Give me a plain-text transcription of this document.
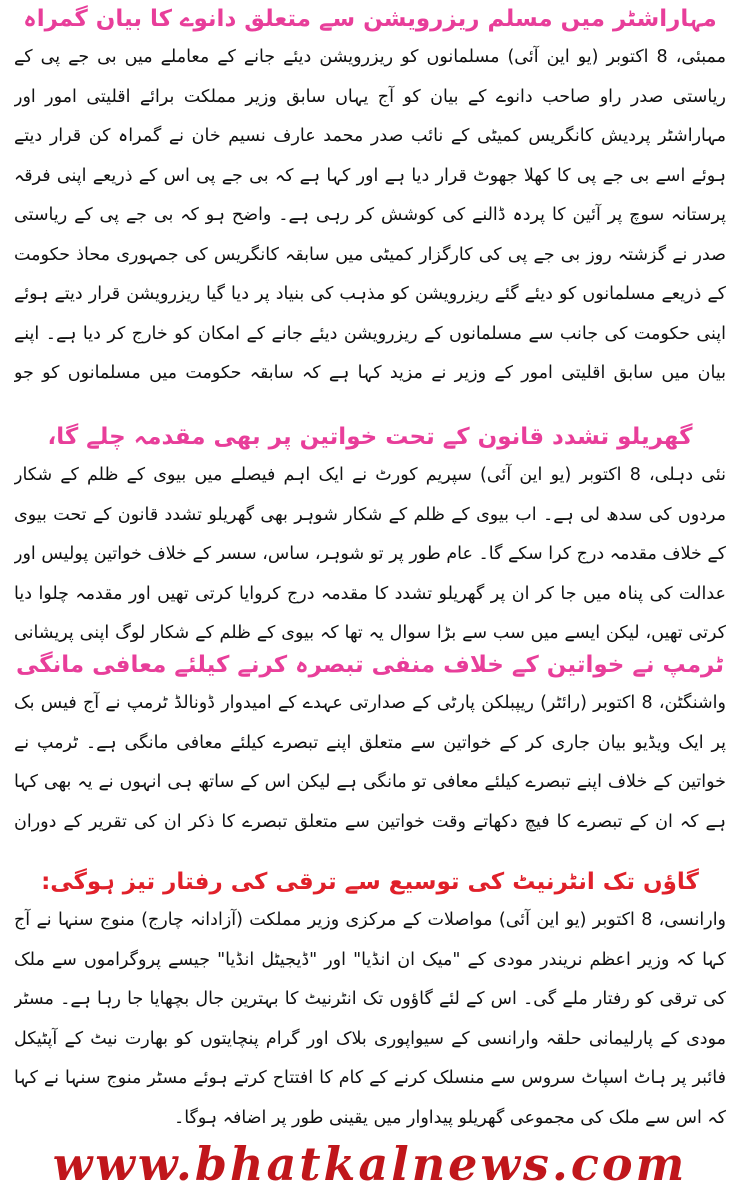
مہاراشٹر میں مسلم ریزرویشن سے متعلق دانوے کا بیان گمراہ

ممبئی، 8 اکتوبر (یو این آئی) مسلمانوں کو ریزرویشن دیئے جانے کے معاملے میں بی جے پی کے ریاستی صدر راو صاحب دانوے کے بیان کو آج یہاں سابق وزیر مملکت برائے اقلیتی امور اور مہاراشٹر پردیش کانگریس کمیٹی کے نائب صدر محمد عارف نسیم خان نے گمراہ کن قرار دیتے ہوئے اسے بی جے پی کا کھلا جھوٹ قرار دیا ہے اور کہا ہے کہ بی جے پی اس کے ذریعے اپنی فرقہ پرستانہ سوچ پر آئین کا پردہ ڈالنے کی کوشش کر رہی ہے۔ واضح ہو کہ بی جے پی کے ریاستی صدر نے گزشتہ روز بی جے پی کی کارگزار کمیٹی میں سابقہ کانگریس کی جمہوری محاذ حکومت کے ذریعے مسلمانوں کو دیئے گئے ریزرویشن کو مذہب کی بنیاد پر دیا گیا ریزرویشن قرار دیتے ہوئے اپنی حکومت کی جانب سے مسلمانوں کے ریزرویشن دیئے جانے کے امکان کو خارج کر دیا ہے۔ اپنے بیان میں سابق اقلیتی امور کے وزیر نے مزید کہا ہے کہ سابقہ حکومت میں مسلمانوں کو جو

گھریلو تشدد قانون کے تحت خواتین پر بھی مقدمہ چلے گا،

نئی دہلی، 8 اکتوبر (یو این آئی) سپریم کورٹ نے ایک اہم فیصلے میں بیوی کے ظلم کے شکار مردوں کی سدھ لی ہے۔ اب بیوی کے ظلم کے شکار شوہر بھی گھریلو تشدد قانون کے تحت بیوی کے خلاف مقدمہ درج کرا سکے گا۔ عام طور پر تو شوہر، ساس، سسر کے خلاف خواتین پولیس اور عدالت کی پناہ میں جا کر ان پر گھریلو تشدد کا مقدمہ درج کروایا کرتی تھیں اور مقدمہ چلوا دیا کرتی تھیں، لیکن ایسے میں سب سے بڑا سوال یہ تھا کہ بیوی کے ظلم کے شکار لوگ اپنی پریشانی

ٹرمپ نے خواتین کے خلاف منفی تبصرہ کرنے کیلئے معافی مانگی

واشنگٹن، 8 اکتوبر (رائٹر) ریپبلکن پارٹی کے صدارتی عہدے کے امیدوار ڈونالڈ ٹرمپ نے آج فیس بک پر ایک ویڈیو بیان جاری کر کے خواتین سے متعلق اپنے تبصرے کیلئے معافی مانگی ہے۔ ٹرمپ نے خواتین کے خلاف اپنے تبصرے کیلئے معافی تو مانگی ہے لیکن اس کے ساتھ ہی انہوں نے یہ بھی کہا ہے کہ ان کے تبصرے کا فیچ دکھاتے وقت خواتین سے متعلق تبصرے کا ذکر ان کی تقریر کے دوران

گاؤں تک انٹرنیٹ کی توسیع سے ترقی کی رفتار تیز ہوگی:

وارانسی، 8 اکتوبر (یو این آئی) مواصلات کے مرکزی وزیر مملکت (آزادانہ چارج) منوج سنہا نے آج کہا کہ وزیر اعظم نریندر مودی کے "میک ان انڈیا" اور "ڈیجیٹل انڈیا" جیسے پروگراموں سے ملک کی ترقی کو رفتار ملے گی۔ اس کے لئے گاؤوں تک انٹرنیٹ کا بہترین جال بچھایا جا رہا ہے۔ مسٹر مودی کے پارلیمانی حلقہ وارانسی کے سیواپوری بلاک اور گرام پنچایتوں کو بھارت نیٹ کے آپٹیکل فائبر پر ہاٹ اسپاٹ سروس سے منسلک کرنے کے کام کا افتتاح کرتے ہوئے مسٹر منوج سنہا نے کہا کہ اس سے ملک کی مجموعی گھریلو پیداوار میں یقینی طور پر اضافہ ہوگا۔

www.bhatkalnews.com
